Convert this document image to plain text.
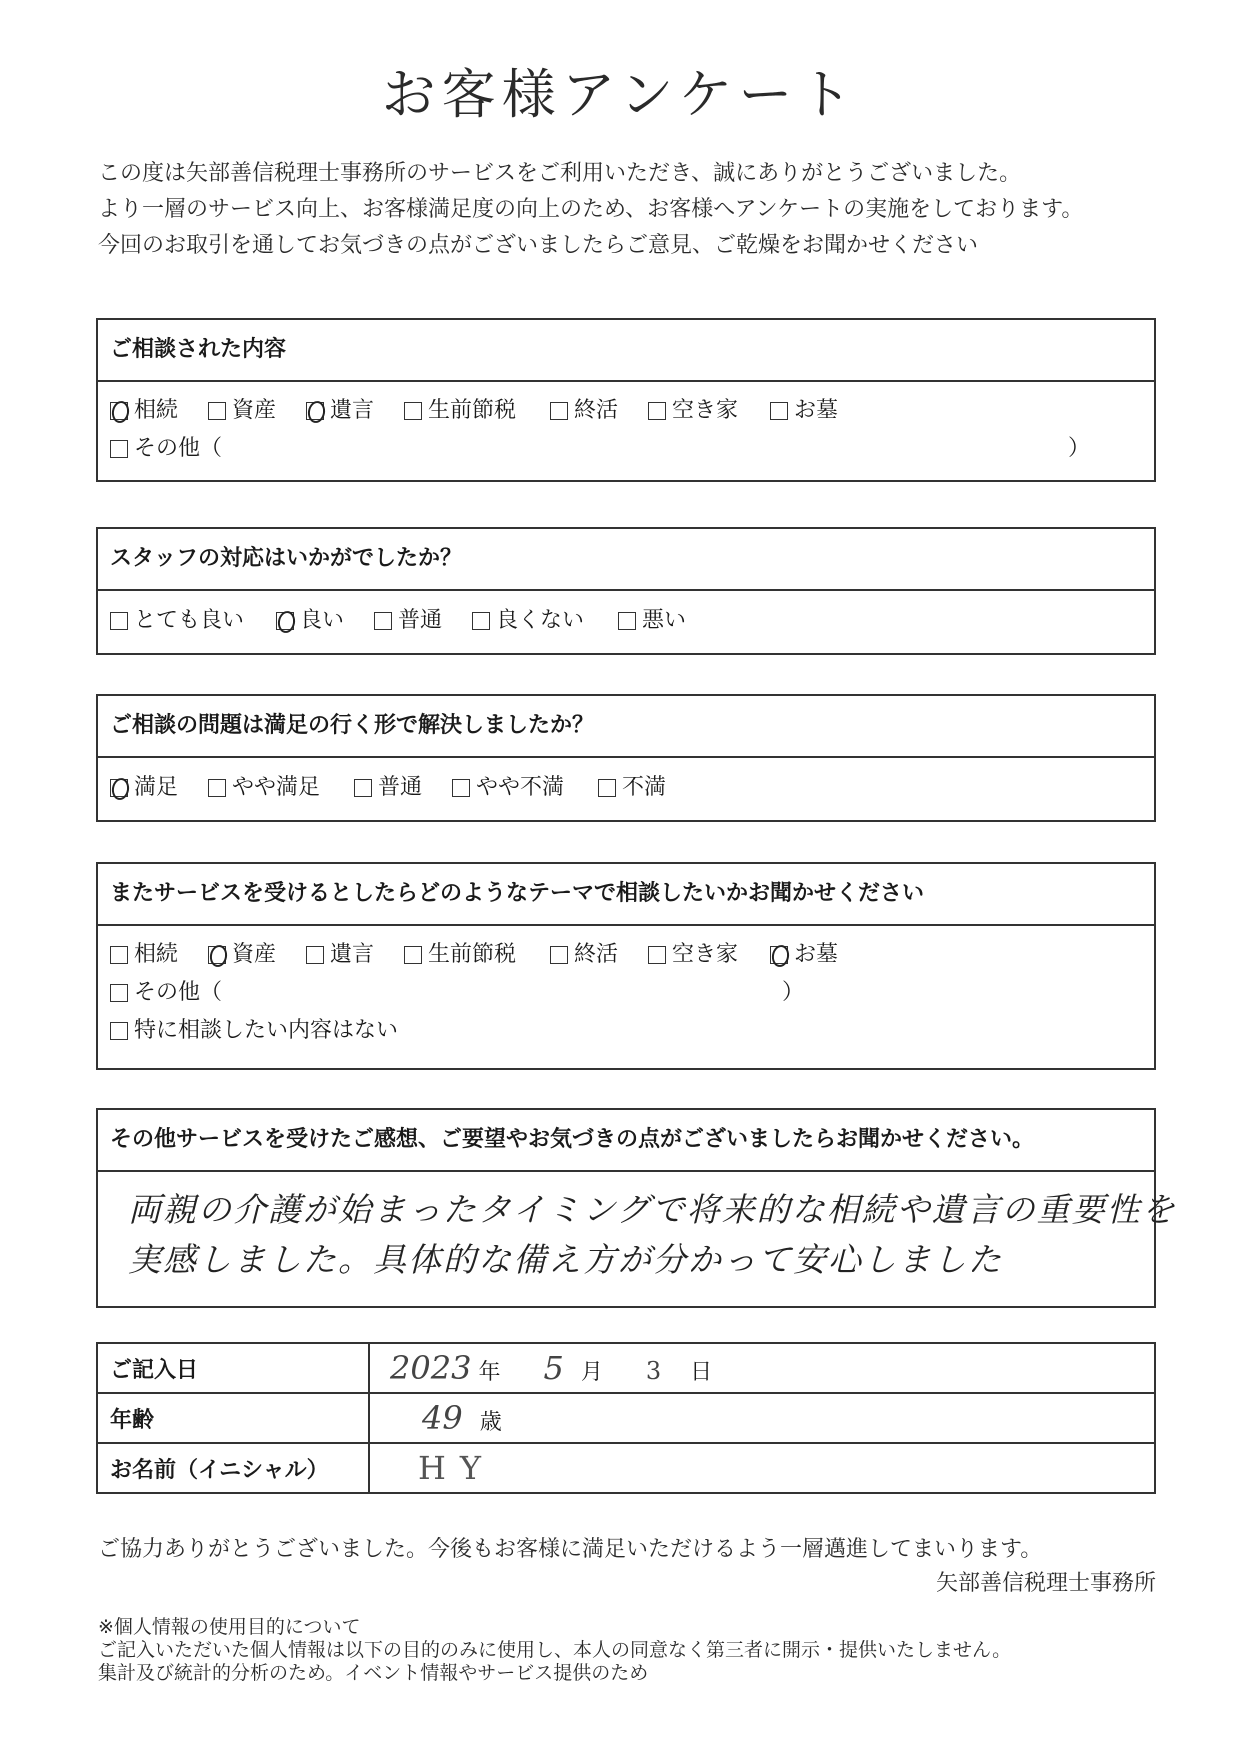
お客様アンケート
この度は矢部善信税理士事務所のサービスをご利用いただき、誠にありがとうございました。
より一層のサービス向上、お客様満足度の向上のため、お客様へアンケートの実施をしております。
今回のお取引を通してお気づきの点がございましたらご意見、ご乾燥をお聞かせください
ご相談された内容
相続 資産 遺言 生前節税	終活 空き家	お墓
その他（	）
スタッフの対応はいかがでしたか？
とても良い	良い 普通 良くない	悪い
ご相談の問題は満足の行く形で解決しましたか？
満足 やや満足	普通 やや不満	不満
またサービスを受けるとしたらどのようなテーマで相談したいかお聞かせください
相続 資産 遺言 生前節税	終活 空き家	お墓
その他（	）
特に相談したい内容はない
その他サービスを受けたご感想、ご要望やお気づきの点がございましたらお聞かせください。
両親の介護が始まったタイミングで将来的な相続や遺言の重要性を
実感しました。具体的な備え方が分かって安心しました
ご記入日	2023 年 5 月 3 日
年齢	49 歳
お名前（イニシャル）	HY
ご協力ありがとうございました。今後もお客様に満足いただけるよう一層邁進してまいります。
矢部善信税理士事務所
※個人情報の使用目的について
ご記入いただいた個人情報は以下の目的のみに使用し、本人の同意なく第三者に開示・提供いたしません。
集計及び統計的分析のため。イベント情報やサービス提供のため
